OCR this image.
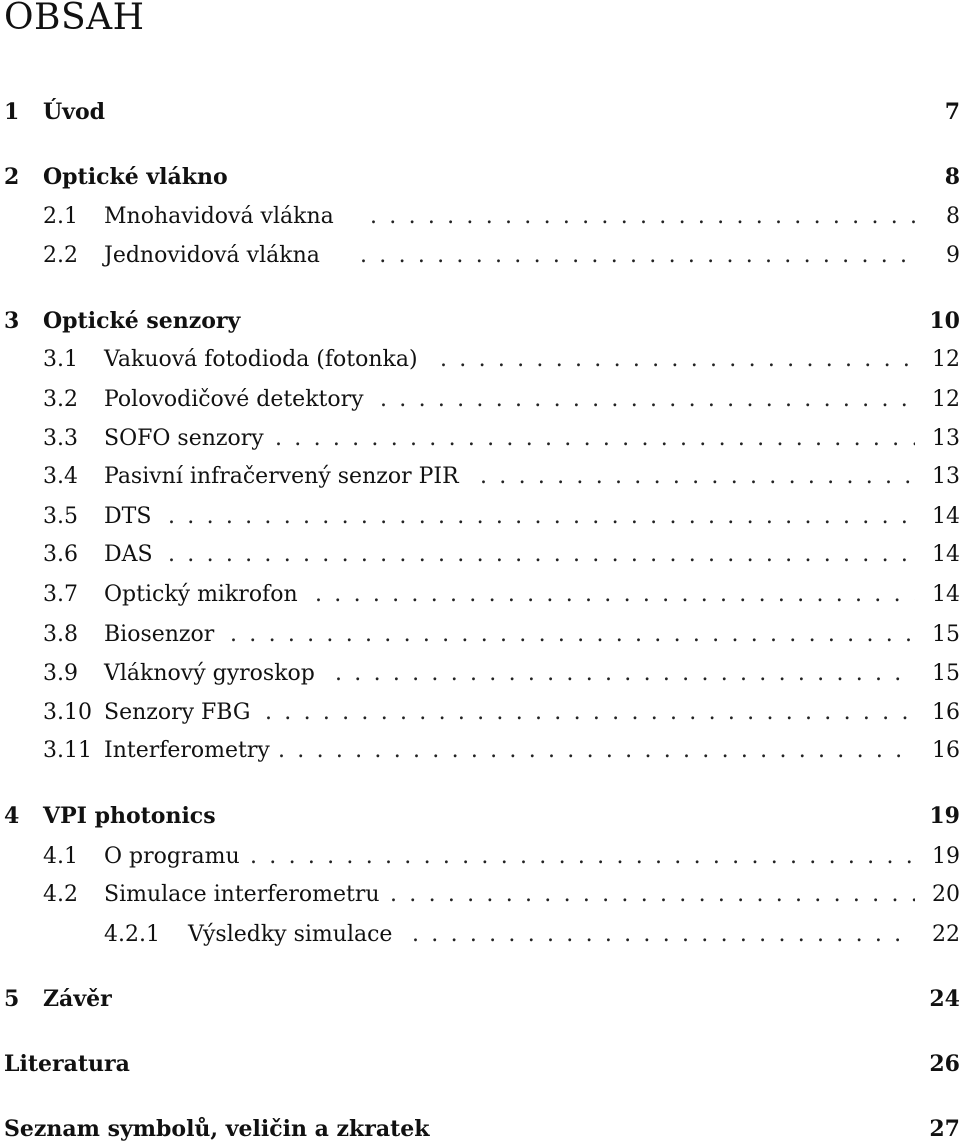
OBSAH
1 Úvod	7
2 Optické vlákno	8
2.1 Mnohavidová vlákna . . .	8
2.2 Jednovidová vlákna . . .	9
3 Optické senzory	10
3.1 Vakuová fotodioda (fotonka) . . .	12
3.2 Polovodičové detektory . . .	12
3.3 SOFO senzory . . .	13
3.4 Pasivní infračervený senzor PIR . . .	13
3.5 DTS . . .	14
3.6 DAS . . .	14
3.7 Optický mikrofon . . .	14
3.8 Biosenzor . . .	15
3.9 Vláknový gyroskop . . .	15
3.10 Senzory FBG . . .	16
3.11 Interferometry . . .	16
4 VPI photonics	19
4.1 O programu . . .	19
4.2 Simulace interferometru . . .	20
4.2.1 Výsledky simulace . . .	22
5 Závěr	24
Literatura	26
Seznam symbolů, veličin a zkratek	27
